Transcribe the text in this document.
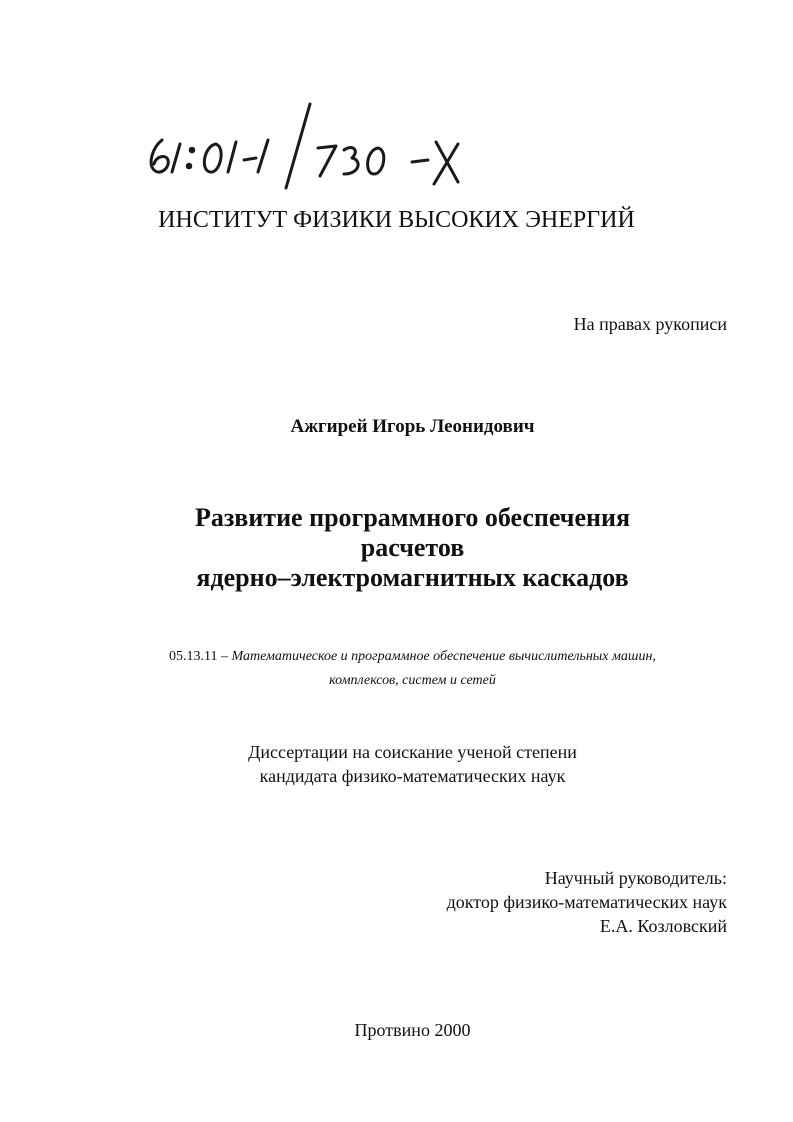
ИНСТИТУТ ФИЗИКИ ВЫСОКИХ ЭНЕРГИЙ
На правах рукописи
Ажгирей Игорь Леонидович
Развитие программного обеспечения
расчетов
ядерно–электромагнитных каскадов
05.13.11 – Математическое и программное обеспечение вычислительных машин,
комплексов, систем и сетей
Диссертации на соискание ученой степени
кандидата физико-математических наук
Научный руководитель:
доктор физико-математических наук
Е.А. Козловский
Протвино 2000
